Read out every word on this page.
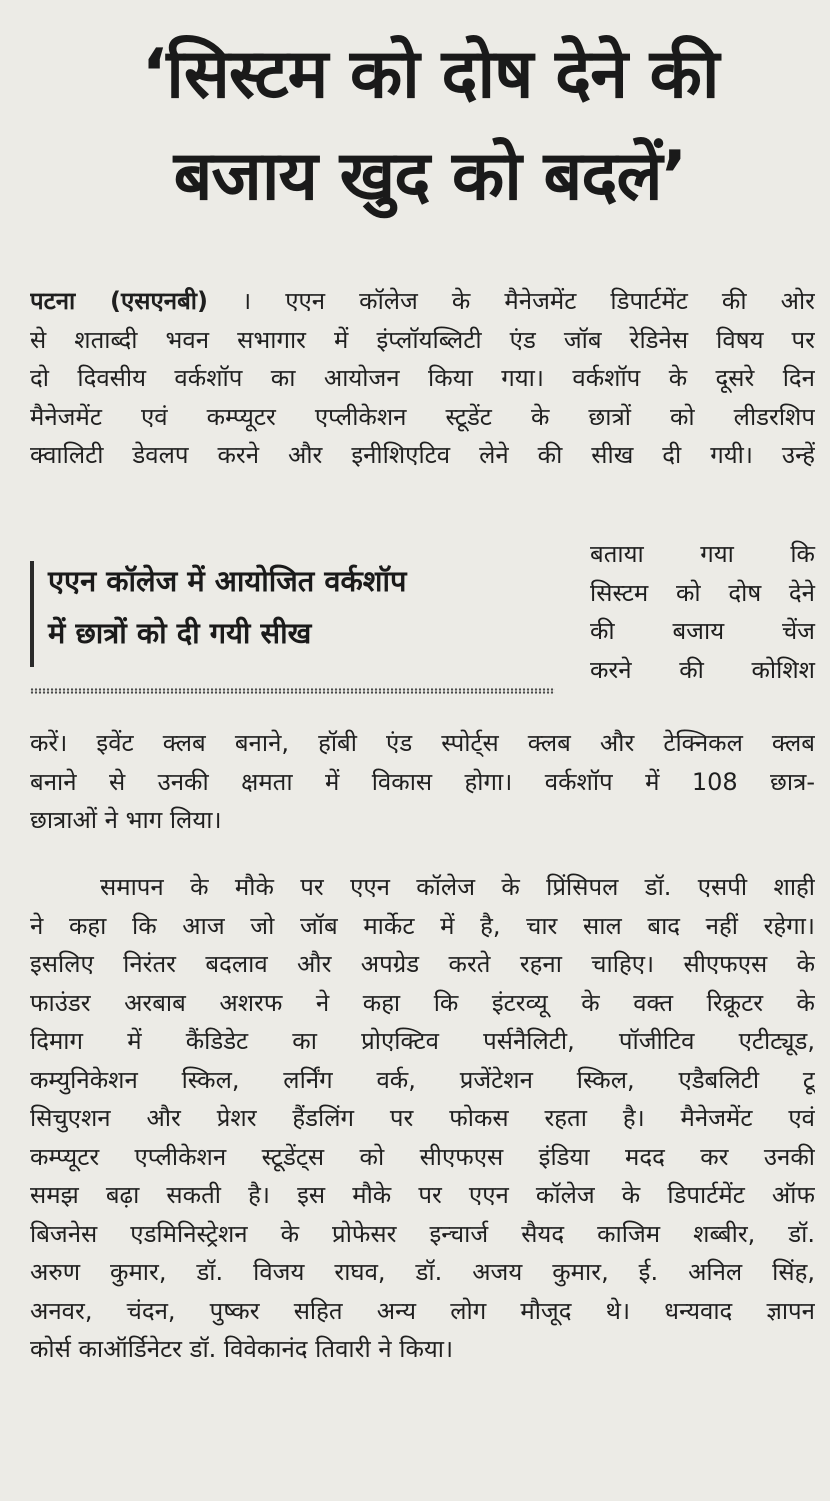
‘सिस्टम को दोष देने की
बजाय खुद को बदलें’
पटना (एसएनबी) । एएन कॉलेज के मैनेजमेंट डिपार्टमेंट की ओर
से शताब्दी भवन सभागार में इंप्लॉयब्लिटी एंड जॉब रेडिनेस विषय पर
दो दिवसीय वर्कशॉप का आयोजन किया गया। वर्कशॉप के दूसरे दिन
मैनेजमेंट एवं कम्प्यूटर एप्लीकेशन स्टूडेंट के छात्रों को लीडरशिप
क्वालिटी डेवलप करने और इनीशिएटिव लेने की सीख दी गयी। उन्हें
एएन कॉलेज में आयोजित वर्कशॉप
में छात्रों को दी गयी सीख
बताया गया कि
सिस्टम को दोष देने
की बजाय चेंज
करने की कोशिश
करें। इवेंट क्लब बनाने, हॉबी एंड स्पोर्ट्स क्लब और टेक्निकल क्लब
बनाने से उनकी क्षमता में विकास होगा। वर्कशॉप में 108 छात्र-
छात्राओं ने भाग लिया।
समापन के मौके पर एएन कॉलेज के प्रिंसिपल डॉ. एसपी शाही
ने कहा कि आज जो जॉब मार्केट में है, चार साल बाद नहीं रहेगा।
इसलिए निरंतर बदलाव और अपग्रेड करते रहना चाहिए। सीएफएस के
फाउंडर अरबाब अशरफ ने कहा कि इंटरव्यू के वक्त रिक्रूटर के
दिमाग में कैंडिडेट का प्रोएक्टिव पर्सनैलिटी, पॉजीटिव एटीट्यूड,
कम्युनिकेशन स्किल, लर्निंग वर्क, प्रजेंटेशन स्किल, एडैबलिटी टू
सिचुएशन और प्रेशर हैंडलिंग पर फोकस रहता है। मैनेजमेंट एवं
कम्प्यूटर एप्लीकेशन स्टूडेंट्स को सीएफएस इंडिया मदद कर उनकी
समझ बढ़ा सकती है। इस मौके पर एएन कॉलेज के डिपार्टमेंट ऑफ
बिजनेस एडमिनिस्ट्रेशन के प्रोफेसर इन्चार्ज सैयद काजिम शब्बीर, डॉ.
अरुण कुमार, डॉ. विजय राघव, डॉ. अजय कुमार, ई. अनिल सिंह,
अनवर, चंदन, पुष्कर सहित अन्य लोग मौजूद थे। धन्यवाद ज्ञापन
कोर्स काऑर्डिनेटर डॉ. विवेकानंद तिवारी ने किया।
